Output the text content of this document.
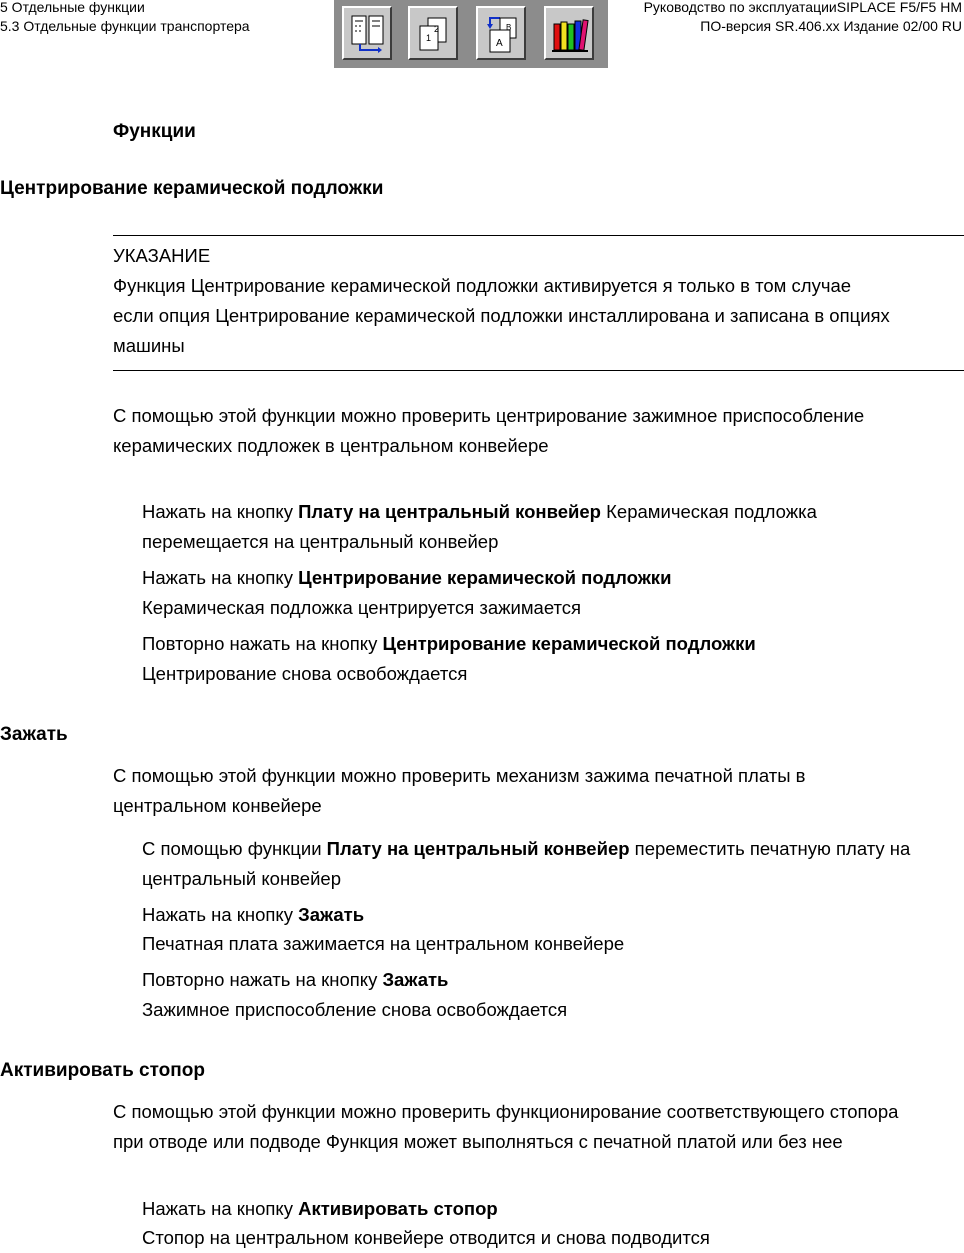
5 Отдельные функции
5.3 Отдельные функции транспортера
Руководство по эксплуатацииSIPLACE F5/F5 HM
ПО-версия SR.406.xx Издание 02/00 RU
2
1	A
B
Функции
Центрирование керамической подложки
УКАЗАНИЕ
Функция Центрирование керамической подложки активируется я только в том случае
если опция Центрирование керамической подложки инсталлирована и записана в опциях
машины
С помощью этой функции можно проверить центрирование зажимное приспособление
керамических подложек в центральном конвейере
Нажать на кнопку Плату на центральный конвейер Керамическая подложка
перемещается на центральный конвейер
Нажать на кнопку Центрирование керамической подложки
Керамическая подложка центрируется зажимается
Повторно нажать на кнопку Центрирование керамической подложки
Центрирование снова освобождается
Зажать
С помощью этой функции можно проверить механизм зажима печатной платы в
центральном конвейере
С помощью функции Плату на центральный конвейер переместить печатную плату на
центральный конвейер
Нажать на кнопку Зажать
Печатная плата зажимается на центральном конвейере
Повторно нажать на кнопку Зажать
Зажимное приспособление снова освобождается
Активировать стопор
С помощью этой функции можно проверить функционирование соответствующего стопора
при отводе или подводе Функция может выполняться с печатной платой или без нее
Нажать на кнопку Активировать стопор
Стопор на центральном конвейере отводится и снова подводится
